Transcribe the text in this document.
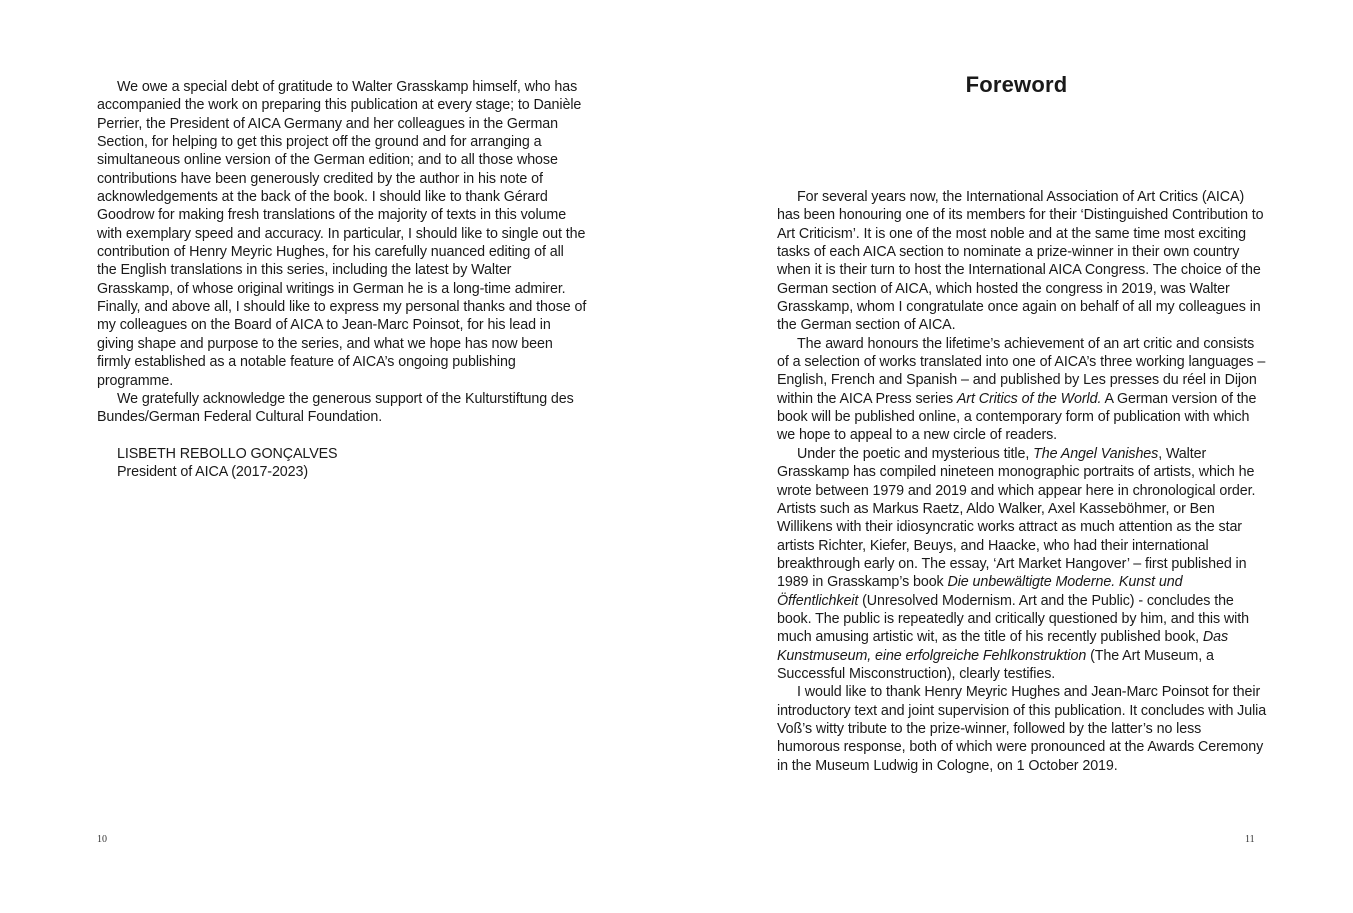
We owe a special debt of gratitude to Walter Grasskamp himself, who has accompanied the work on preparing this publication at every stage; to Danièle Perrier, the President of AICA Germany and her colleagues in the German Section, for helping to get this project off the ground and for arranging a simultaneous online version of the German edition; and to all those whose contributions have been generously credited by the author in his note of acknowledgements at the back of the book. I should like to thank Gérard Goodrow for making fresh translations of the majority of texts in this volume with exemplary speed and accuracy. In particular, I should like to single out the contribution of Henry Meyric Hughes, for his carefully nuanced editing of all the English translations in this series, including the latest by Walter Grasskamp, of whose original writings in German he is a long-time admirer. Finally, and above all, I should like to express my personal thanks and those of my colleagues on the Board of AICA to Jean-Marc Poinsot, for his lead in giving shape and purpose to the series, and what we hope has now been firmly established as a notable feature of AICA’s ongoing publishing programme.

We gratefully acknowledge the generous support of the Kulturstiftung des Bundes/German Federal Cultural Foundation.

LISBETH REBOLLO GONÇALVES
President of AICA (2017-2023)
10
Foreword

For several years now, the International Association of Art Critics (AICA) has been honouring one of its members for their ‘Distinguished Contribution to Art Criticism’. It is one of the most noble and at the same time most exciting tasks of each AICA section to nominate a prize-winner in their own country when it is their turn to host the International AICA Congress. The choice of the German section of AICA, which hosted the congress in 2019, was Walter Grasskamp, whom I congratulate once again on behalf of all my colleagues in the German section of AICA.

The award honours the lifetime’s achievement of an art critic and consists of a selection of works translated into one of AICA’s three working languages – English, French and Spanish – and published by Les presses du réel in Dijon within the AICA Press series Art Critics of the World. A German version of the book will be published online, a contemporary form of publication with which we hope to appeal to a new circle of readers.

Under the poetic and mysterious title, The Angel Vanishes, Walter Grasskamp has compiled nineteen monographic portraits of artists, which he wrote between 1979 and 2019 and which appear here in chronological order. Artists such as Markus Raetz, Aldo Walker, Axel Kasseböhmer, or Ben Willikens with their idiosyncratic works attract as much attention as the star artists Richter, Kiefer, Beuys, and Haacke, who had their international breakthrough early on. The essay, ‘Art Market Hangover’ – first published in 1989 in Grasskamp’s book Die unbewältigte Moderne. Kunst und Öffentlichkeit (Unresolved Modernism. Art and the Public) - concludes the book. The public is repeatedly and critically questioned by him, and this with much amusing artistic wit, as the title of his recently published book, Das Kunstmuseum, eine erfolgreiche Fehlkonstruktion (The Art Museum, a Successful Misconstruction), clearly testifies.

I would like to thank Henry Meyric Hughes and Jean-Marc Poinsot for their introductory text and joint supervision of this publication. It concludes with Julia Voß’s witty tribute to the prize-winner, followed by the latter’s no less humorous response, both of which were pronounced at the Awards Ceremony in the Museum Ludwig in Cologne, on 1 October 2019.

11
